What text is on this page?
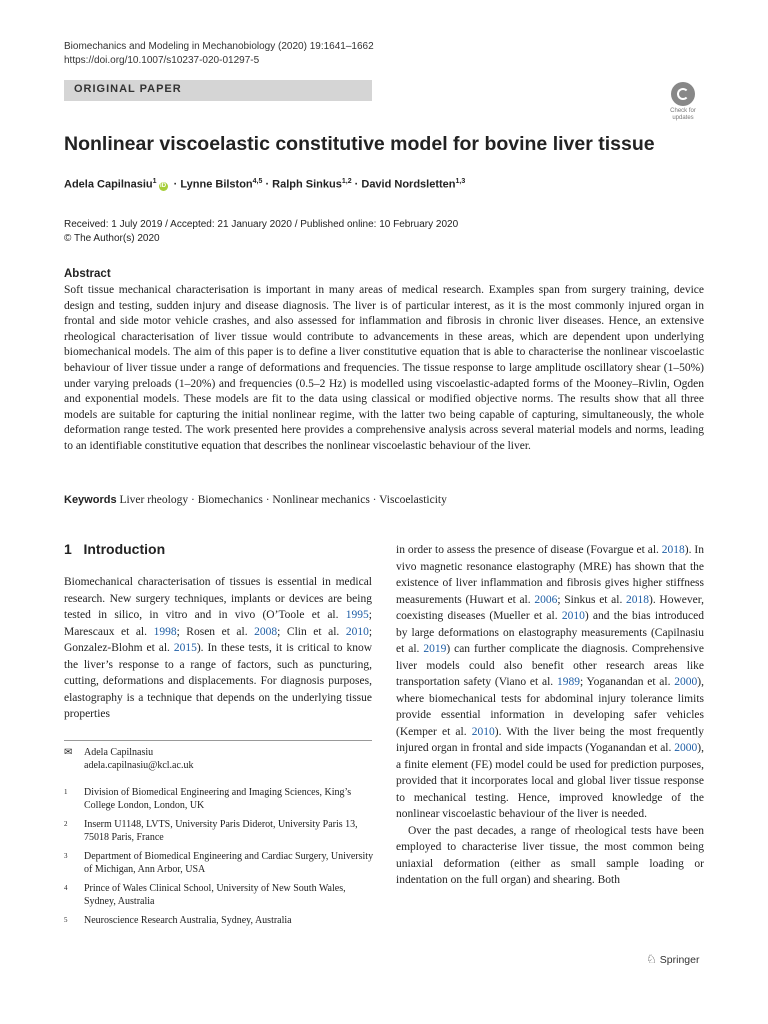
Biomechanics and Modeling in Mechanobiology (2020) 19:1641–1662
https://doi.org/10.1007/s10237-020-01297-5
ORIGINAL PAPER
Check for updates
Nonlinear viscoelastic constitutive model for bovine liver tissue
Adela Capilnasiu$^1$iD · Lynne Bilston$^{4,5}$ · Ralph Sinkus$^{1,2}$ · David Nordsletten$^{1,3}$
Received: 1 July 2019 / Accepted: 21 January 2020 / Published online: 10 February 2020
© The Author(s) 2020
Abstract
Soft tissue mechanical characterisation is important in many areas of medical research. Examples span from surgery training, device design and testing, sudden injury and disease diagnosis. The liver is of particular interest, as it is the most commonly injured organ in frontal and side motor vehicle crashes, and also assessed for inflammation and fibrosis in chronic liver diseases. Hence, an extensive rheological characterisation of liver tissue would contribute to advancements in these areas, which are dependent upon underlying biomechanical models. The aim of this paper is to define a liver constitutive equation that is able to characterise the nonlinear viscoelastic behaviour of liver tissue under a range of deformations and frequencies. The tissue response to large amplitude oscillatory shear (1–50%) under varying preloads (1–20%) and frequencies (0.5–2 Hz) is modelled using viscoelastic-adapted forms of the Mooney–Rivlin, Ogden and exponential models. These models are fit to the data using classical or modified objective norms. The results show that all three models are suitable for capturing the initial nonlinear regime, with the latter two being capable of capturing, simultaneously, the whole deformation range tested. The work presented here provides a comprehensive analysis across several material models and norms, leading to an identifiable constitutive equation that describes the nonlinear viscoelastic behaviour of the liver.
Keywords Liver rheology · Biomechanics · Nonlinear mechanics · Viscoelasticity
1 Introduction
Biomechanical characterisation of tissues is essential in medical research. New surgery techniques, implants or devices are being tested in silico, in vitro and in vivo (O’Toole et al. 1995; Marescaux et al. 1998; Rosen et al. 2008; Clin et al. 2010; Gonzalez-Blohm et al. 2015). In these tests, it is critical to know the liver’s response to a range of factors, such as puncturing, cutting, deformations and displacements. For diagnosis purposes, elastography is a technique that depends on the underlying tissue properties

in order to assess the presence of disease (Fovargue et al. 2018). In vivo magnetic resonance elastography (MRE) has shown that the existence of liver inflammation and fibrosis gives higher stiffness measurements (Huwart et al. 2006; Sinkus et al. 2018). However, coexisting diseases (Mueller et al. 2010) and the bias introduced by large deformations on elastography measurements (Capilnasiu et al. 2019) can further complicate the diagnosis. Comprehensive liver models could also benefit other research areas like transportation safety (Viano et al. 1989; Yoganandan et al. 2000), where biomechanical tests for abdominal injury tolerance limits provide essential information in developing safer vehicles (Kemper et al. 2010). With the liver being the most frequently injured organ in frontal and side impacts (Yoganandan et al. 2000), a finite element (FE) model could be used for prediction purposes, provided that it incorporates local and global liver tissue response to mechanical testing. Hence, improved knowledge of the nonlinear viscoelastic behaviour of the liver is needed.

Over the past decades, a range of rheological tests have been employed to characterise liver tissue, the most common being uniaxial deformation (either as small sample loading or indentation on the full organ) and shearing. Both

✉ Adela Capilnasiu
adela.capilnasiu@kcl.ac.uk
1 Division of Biomedical Engineering and Imaging Sciences, King’s College London, London, UK
2 Inserm U1148, LVTS, University Paris Diderot, University Paris 13, 75018 Paris, France
3 Department of Biomedical Engineering and Cardiac Surgery, University of Michigan, Ann Arbor, USA
4 Prince of Wales Clinical School, University of New South Wales, Sydney, Australia
5 Neuroscience Research Australia, Sydney, Australia
♘ Springer
